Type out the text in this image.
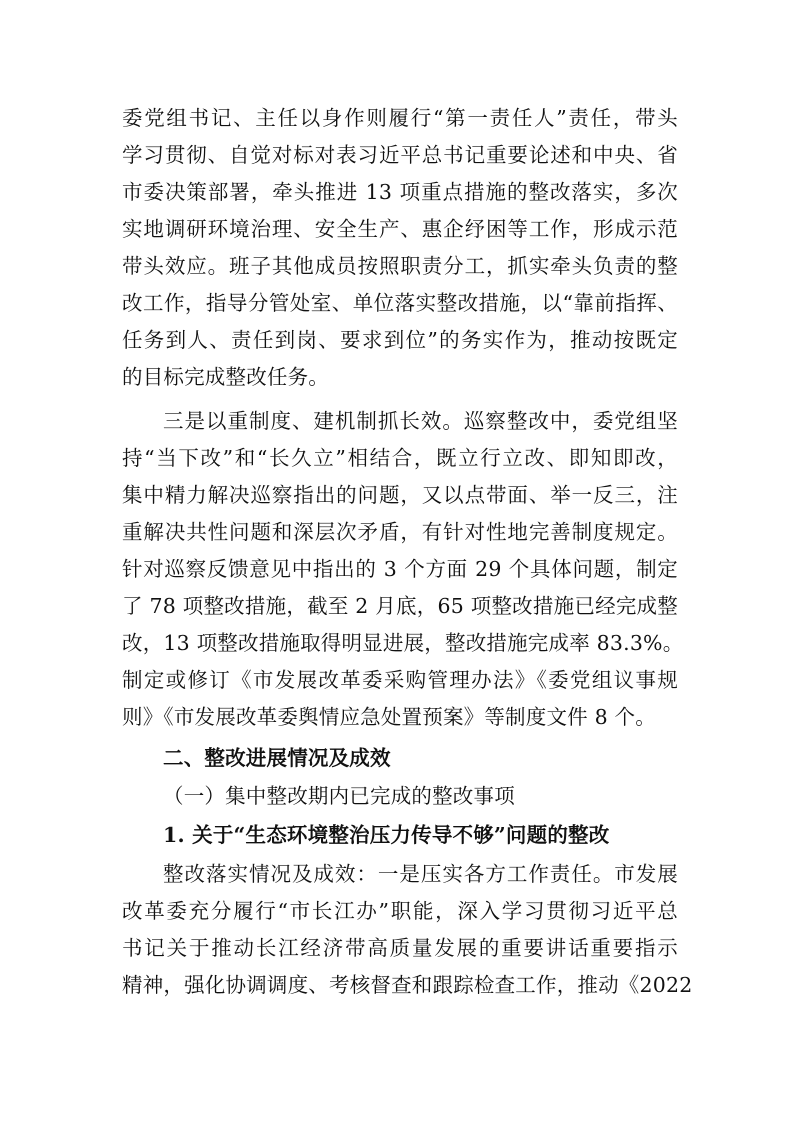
委党组书记、主任以身作则履行“第一责任人”责任，带头
学习贯彻、自觉对标对表习近平总书记重要论述和中央、省
市委决策部署，牵头推进 13 项重点措施的整改落实，多次
实地调研环境治理、安全生产、惠企纾困等工作，形成示范
带头效应。班子其他成员按照职责分工，抓实牵头负责的整
改工作，指导分管处室、单位落实整改措施，以“靠前指挥、
任务到人、责任到岗、要求到位”的务实作为，推动按既定
的目标完成整改任务。
三是以重制度、建机制抓长效。巡察整改中，委党组坚
持“当下改”和“长久立”相结合，既立行立改、即知即改，
集中精力解决巡察指出的问题，又以点带面、举一反三，注
重解决共性问题和深层次矛盾，有针对性地完善制度规定。
针对巡察反馈意见中指出的 3 个方面 29 个具体问题，制定
了 78 项整改措施，截至 2 月底，65 项整改措施已经完成整
改，13 项整改措施取得明显进展，整改措施完成率 83.3%。
制定或修订《市发展改革委采购管理办法》《委党组议事规
则》《市发展改革委舆情应急处置预案》等制度文件 8 个。
二、整改进展情况及成效
（一）集中整改期内已完成的整改事项
1. 关于“生态环境整治压力传导不够”问题的整改
整改落实情况及成效：一是压实各方工作责任。市发展
改革委充分履行“市长江办”职能，深入学习贯彻习近平总
书记关于推动长江经济带高质量发展的重要讲话重要指示
精神，强化协调调度、考核督查和跟踪检查工作，推动《2022
